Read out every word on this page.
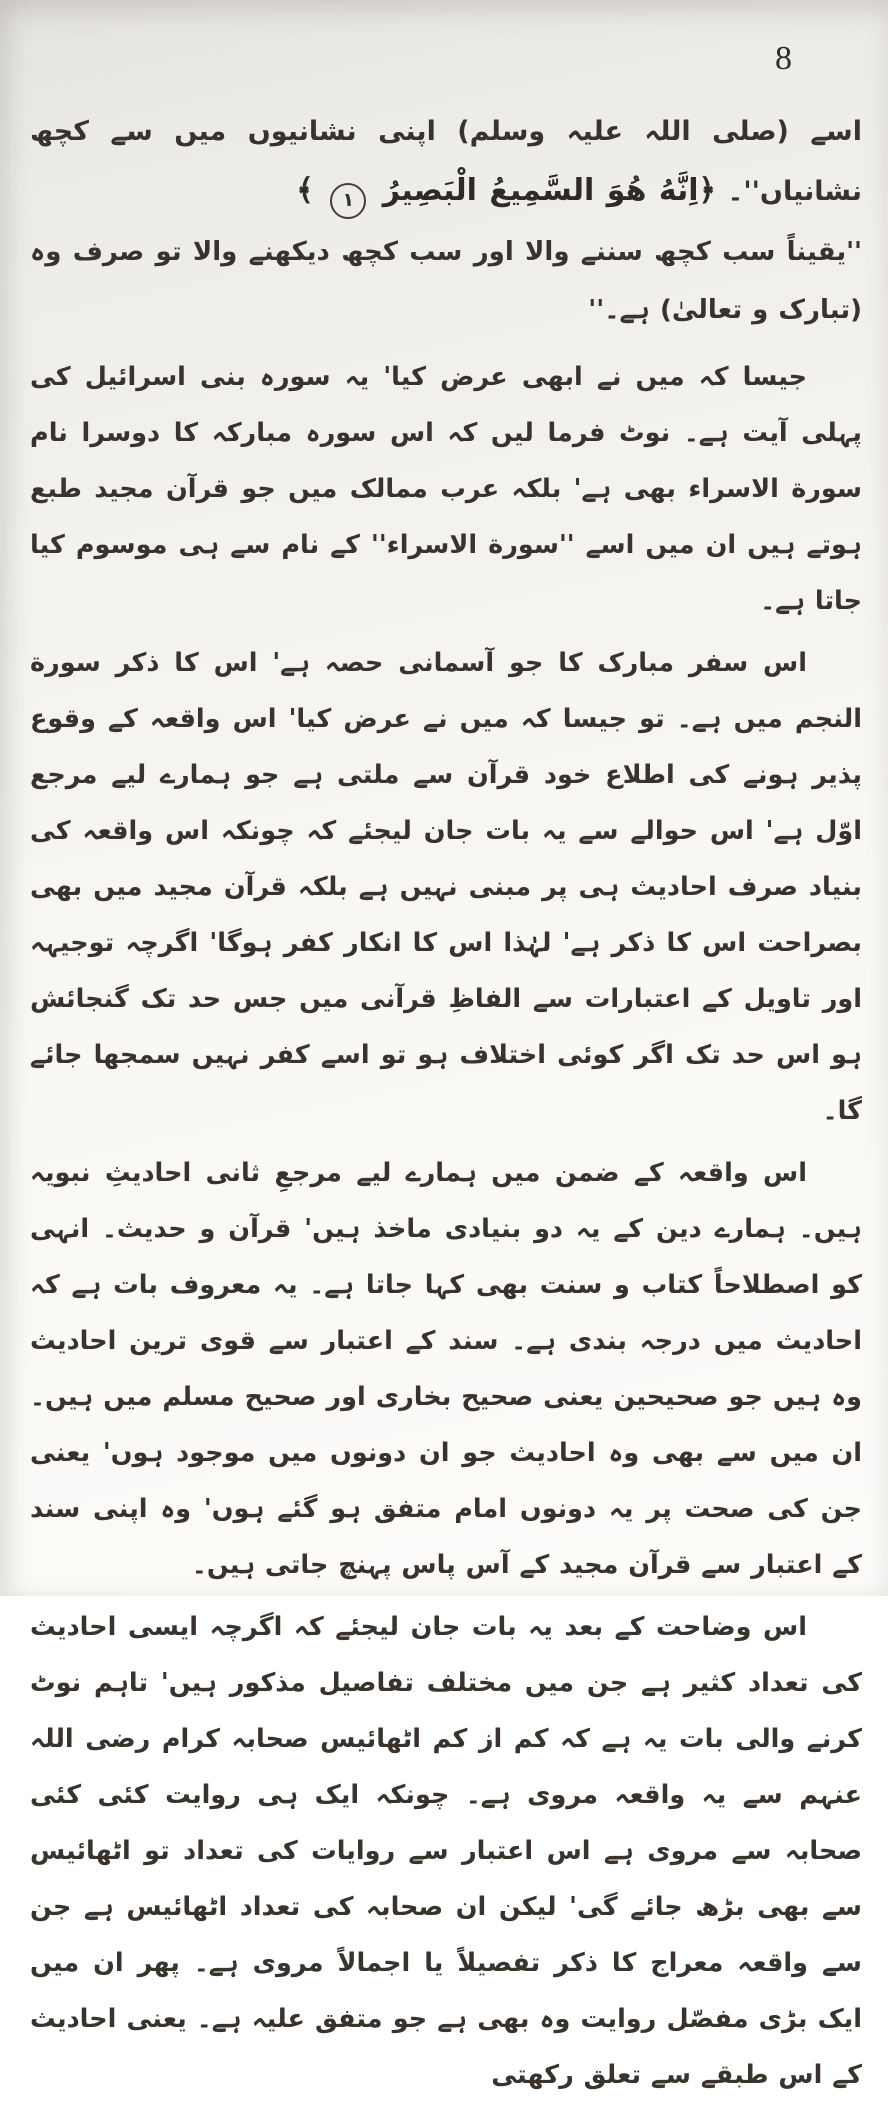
8

اسے (صلی اللہ علیہ وسلم) اپنی نشانیوں میں سے کچھ نشانیاں''۔ ﴿اِنَّهُ هُوَ السَّمِيعُ الْبَصِيرُ ١ ﴾

''یقیناً سب کچھ سننے والا اور سب کچھ دیکھنے والا تو صرف وہ (تبارک و تعالیٰ) ہے۔''

جیسا کہ میں نے ابھی عرض کیا' یہ سورہ بنی اسرائیل کی پہلی آیت ہے۔ نوٹ فرما لیں کہ اس سورہ مبارکہ کا دوسرا نام سورة الاسراء بھی ہے' بلکہ عرب ممالک میں جو قرآن مجید طبع ہوتے ہیں ان میں اسے ''سورة الاسراء'' کے نام سے ہی موسوم کیا جاتا ہے۔

اس سفر مبارک کا جو آسمانی حصہ ہے' اس کا ذکر سورة النجم میں ہے۔ تو جیسا کہ میں نے عرض کیا' اس واقعہ کے وقوع پذیر ہونے کی اطلاع خود قرآن سے ملتی ہے جو ہمارے لیے مرجع اوّل ہے' اس حوالے سے یہ بات جان لیجئے کہ چونکہ اس واقعہ کی بنیاد صرف احادیث ہی پر مبنی نہیں ہے بلکہ قرآن مجید میں بھی بصراحت اس کا ذکر ہے' لہٰذا اس کا انکار کفر ہوگا' اگرچہ توجیہہ اور تاویل کے اعتبارات سے الفاظِ قرآنی میں جس حد تک گنجائش ہو اس حد تک اگر کوئی اختلاف ہو تو اسے کفر نہیں سمجھا جائے گا۔

اس واقعہ کے ضمن میں ہمارے لیے مرجعِ ثانی احادیثِ نبویہ ہیں۔ ہمارے دین کے یہ دو بنیادی ماخذ ہیں' قرآن و حدیث۔ انہی کو اصطلاحاً کتاب و سنت بھی کہا جاتا ہے۔ یہ معروف بات ہے کہ احادیث میں درجہ بندی ہے۔ سند کے اعتبار سے قوی ترین احادیث وہ ہیں جو صحیحین یعنی صحیح بخاری اور صحیح مسلم میں ہیں۔ ان میں سے بھی وہ احادیث جو ان دونوں میں موجود ہوں' یعنی جن کی صحت پر یہ دونوں امام متفق ہو گئے ہوں' وہ اپنی سند کے اعتبار سے قرآن مجید کے آس پاس پہنچ جاتی ہیں۔

اس وضاحت کے بعد یہ بات جان لیجئے کہ اگرچہ ایسی احادیث کی تعداد کثیر ہے جن میں مختلف تفاصیل مذکور ہیں' تاہم نوٹ کرنے والی بات یہ ہے کہ کم از کم اٹھائیس صحابہ کرام رضی اللہ عنہم سے یہ واقعہ مروی ہے۔ چونکہ ایک ہی روایت کئی کئی صحابہ سے مروی ہے اس اعتبار سے روایات کی تعداد تو اٹھائیس سے بھی بڑھ جائے گی' لیکن ان صحابہ کی تعداد اٹھائیس ہے جن سے واقعہ معراج کا ذکر تفصیلاً یا اجمالاً مروی ہے۔ پھر ان میں ایک بڑی مفصّل روایت وہ بھی ہے جو متفق علیہ ہے۔ یعنی احادیث کے اس طبقے سے تعلق رکھتی
